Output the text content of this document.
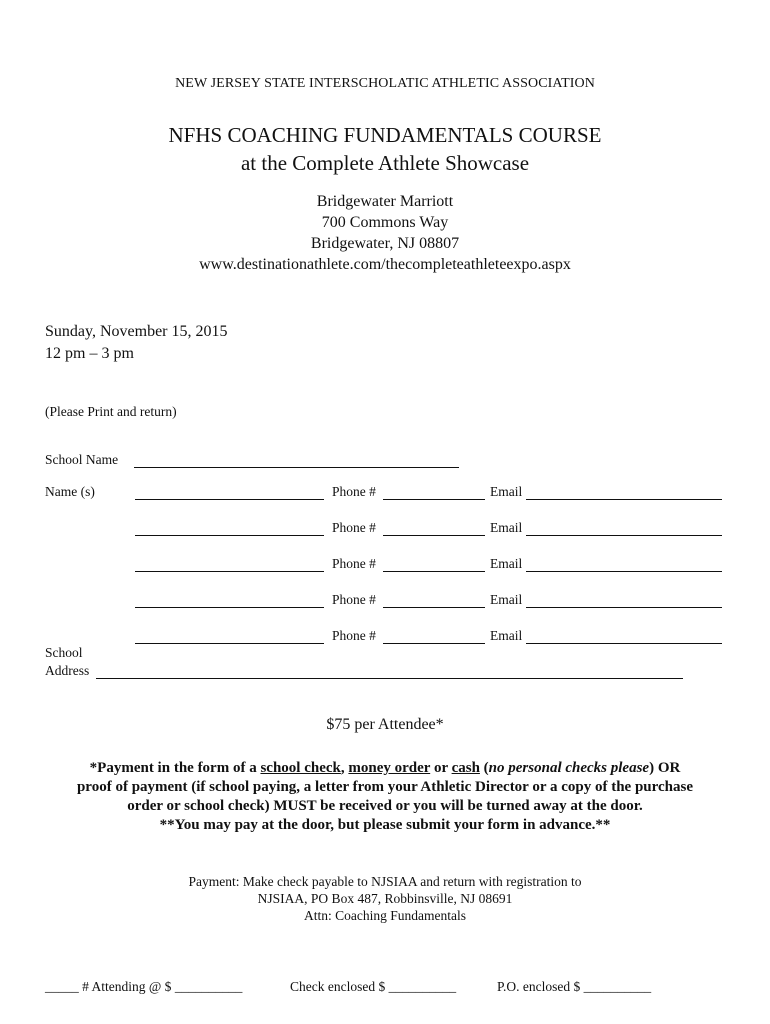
NEW JERSEY STATE INTERSCHOLATIC ATHLETIC ASSOCIATION
NFHS COACHING FUNDAMENTALS COURSE
at the Complete Athlete Showcase
Bridgewater Marriott
700 Commons Way
Bridgewater, NJ 08807
www.destinationathlete.com/thecompleteathleteexpo.aspx
Sunday, November 15, 2015
12 pm – 3 pm
(Please Print and return)
School Name
Name (s)	Phone #	Email
Phone #	Email
Phone #	Email
Phone #	Email
Phone #	Email
School
Address
$75 per Attendee*
*Payment in the form of a school check, money order or cash (no personal checks please) OR
proof of payment (if school paying, a letter from your Athletic Director or a copy of the purchase
order or school check) MUST be received or you will be turned away at the door.
**You may pay at the door, but please submit your form in advance.**
Payment: Make check payable to NJSIAA and return with registration to
NJSIAA, PO Box 487, Robbinsville, NJ 08691
Attn: Coaching Fundamentals
_____ # Attending @ $ __________	Check enclosed $ __________	P.O. enclosed $ __________
